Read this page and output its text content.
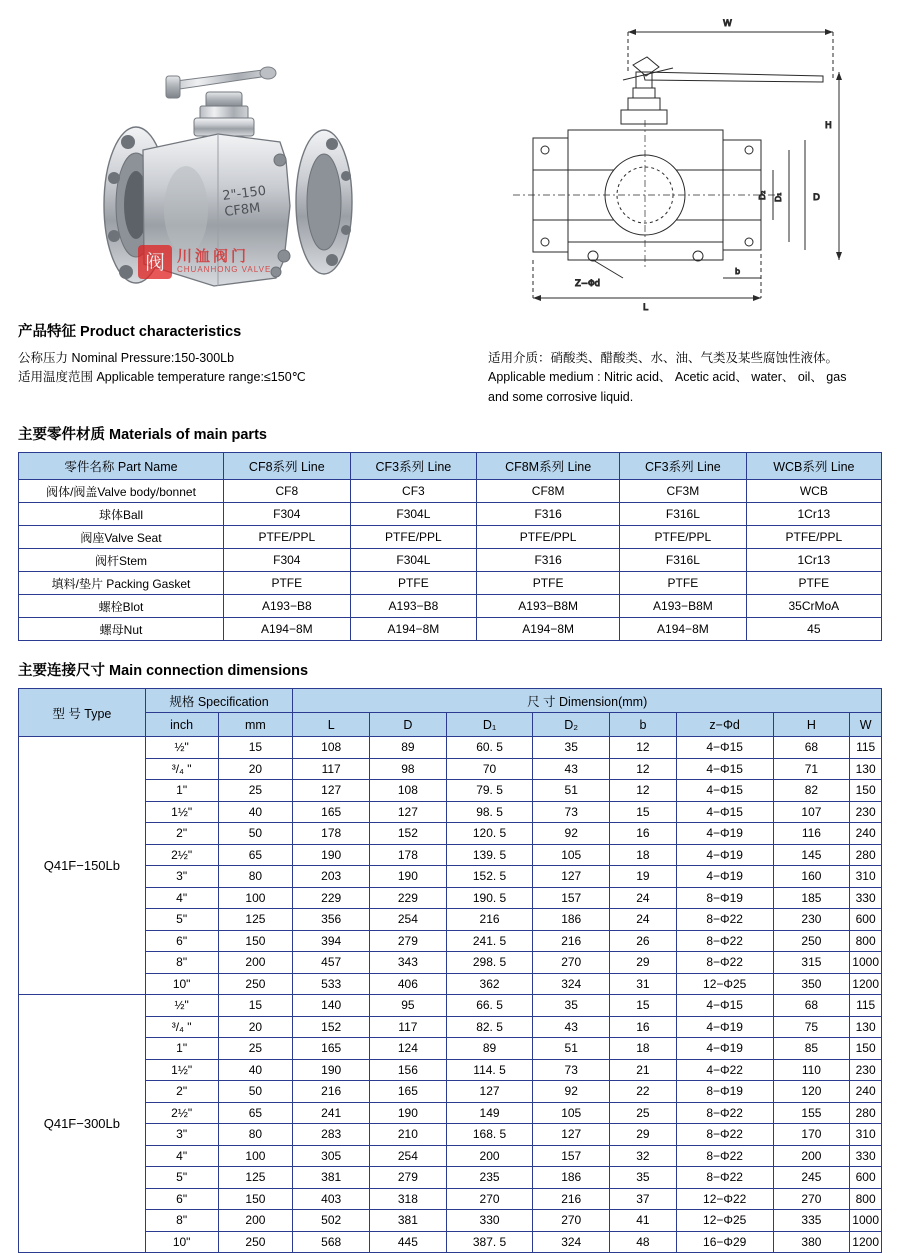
2"-150
CF8M
阀 川洫阀门
CHUANHONG VALVE
W
D₂ D₁	D
H
L
b
Z−Φd
产品特征 Product characteristics
公称压力 Nominal Pressure:150-300Lb
适用温度范围 Applicable temperature range:≤150℃
适用介质：硝酸类、醋酸类、水、油、气类及某些腐蚀性液体。
Applicable medium : Nitric acid、 Acetic acid、 water、 oil、 gas
and some corrosive liquid.
主要零件材质 Materials of main parts
零件名称 Part Name	CF8系列 Line	CF3系列 Line	CF8M系列 Line	CF3系列 Line	WCB系列 Line
阀体/阀盖Valve body/bonnet	CF8	CF3	CF8M	CF3M	WCB
球体Ball	F304	F304L	F316	F316L	1Cr13
阀座Valve Seat	PTFE/PPL	PTFE/PPL	PTFE/PPL	PTFE/PPL	PTFE/PPL
阀杆Stem	F304	F304L	F316	F316L	1Cr13
填料/垫片 Packing Gasket	PTFE	PTFE	PTFE	PTFE	PTFE
螺栓Blot	A193−B8	A193−B8	A193−B8M	A193−B8M	35CrMoA
螺母Nut	A194−8M	A194−8M	A194−8M	A194−8M	45
主要连接尺寸 Main connection dimensions
型 号 Type	规格 Specification		尺 寸 Dimension(mm)							
	inch	mm	L	D	D₁	D₂	b	z−Φd	H	W
Q41F−150Lb	½"	15	108	89	60. 5	35	12	4−Φ15	68	115
	³/₄ "	20	117	98	70	43	12	4−Φ15	71	130
	1"	25	127	108	79. 5	51	12	4−Φ15	82	150
	1½"	40	165	127	98. 5	73	15	4−Φ15	107	230
	2"	50	178	152	120. 5	92	16	4−Φ19	116	240
	2½"	65	190	178	139. 5	105	18	4−Φ19	145	280
	3"	80	203	190	152. 5	127	19	4−Φ19	160	310
	4"	100	229	229	190. 5	157	24	8−Φ19	185	330
	5"	125	356	254	216	186	24	8−Φ22	230	600
	6"	150	394	279	241. 5	216	26	8−Φ22	250	800
	8"	200	457	343	298. 5	270	29	8−Φ22	315	1000
	10"	250	533	406	362	324	31	12−Φ25	350	1200
Q41F−300Lb	½"	15	140	95	66. 5	35	15	4−Φ15	68	115
	³/₄ "	20	152	117	82. 5	43	16	4−Φ19	75	130
	1"	25	165	124	89	51	18	4−Φ19	85	150
	1½"	40	190	156	114. 5	73	21	4−Φ22	110	230
	2"	50	216	165	127	92	22	8−Φ19	120	240
	2½"	65	241	190	149	105	25	8−Φ22	155	280
	3"	80	283	210	168. 5	127	29	8−Φ22	170	310
	4"	100	305	254	200	157	32	8−Φ22	200	330
	5"	125	381	279	235	186	35	8−Φ22	245	600
	6"	150	403	318	270	216	37	12−Φ22	270	800
	8"	200	502	381	330	270	41	12−Φ25	335	1000
	10"	250	568	445	387. 5	324	48	16−Φ29	380	1200
